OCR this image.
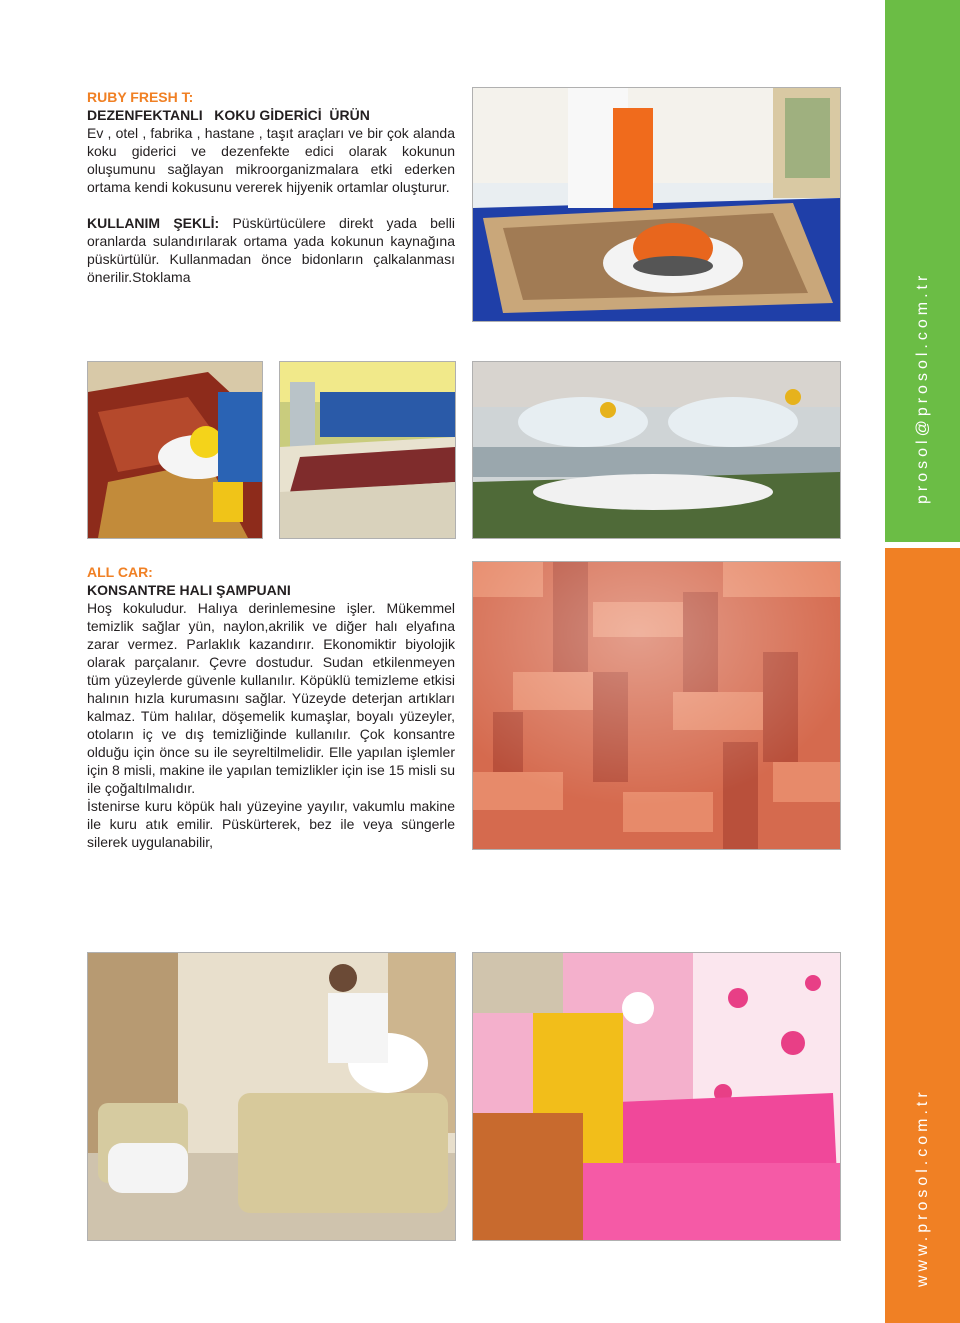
prosol@prosol.com.tr
www.prosol.com.tr
RUBY FRESH T:
DEZENFEKTANLI   KOKU GİDERİCİ  ÜRÜN

Ev , otel , fabrika , hastane , taşıt araçları ve bir çok alanda koku giderici ve dezenfekte edici olarak kokunun oluşumunu sağlayan mikroorganizmalara etki ederken ortama kendi kokusunu vererek hijyenik ortamlar oluşturur.

KULLANIM ŞEKLİ: Püskürtücülere direkt yada belli oranlarda sulandırılarak ortama yada kokunun kaynağına püskürtülür. Kullanmadan önce bidonların çalkalanması önerilir.Stoklama

ALL CAR:
KONSANTRE HALI ŞAMPUANI

Hoş kokuludur. Halıya derinlemesine işler. Mükemmel temizlik sağlar yün, naylon,akrilik ve diğer halı elyafına zarar vermez. Parlaklık kazandırır. Ekonomiktir biyolojik olarak parçalanır. Çevre dostudur. Sudan etkilenmeyen tüm yüzeylerde güvenle kullanılır. Köpüklü temizleme etkisi halının hızla kurumasını sağlar. Yüzeyde deterjan artıkları kalmaz. Tüm halılar, döşemelik kumaşlar, boyalı yüzeyler, otoların iç ve dış temizliğinde kullanılır. Çok konsantre olduğu için önce su ile seyreltilmelidir. Elle yapılan işlemler için 8 misli, makine ile yapılan temizlikler için ise 15 misli su ile çoğaltılmalıdır.

İstenirse kuru köpük halı yüzeyine yayılır, vakumlu makine ile kuru atık emilir. Püskürterek, bez ile veya süngerle silerek uygulanabilir,
